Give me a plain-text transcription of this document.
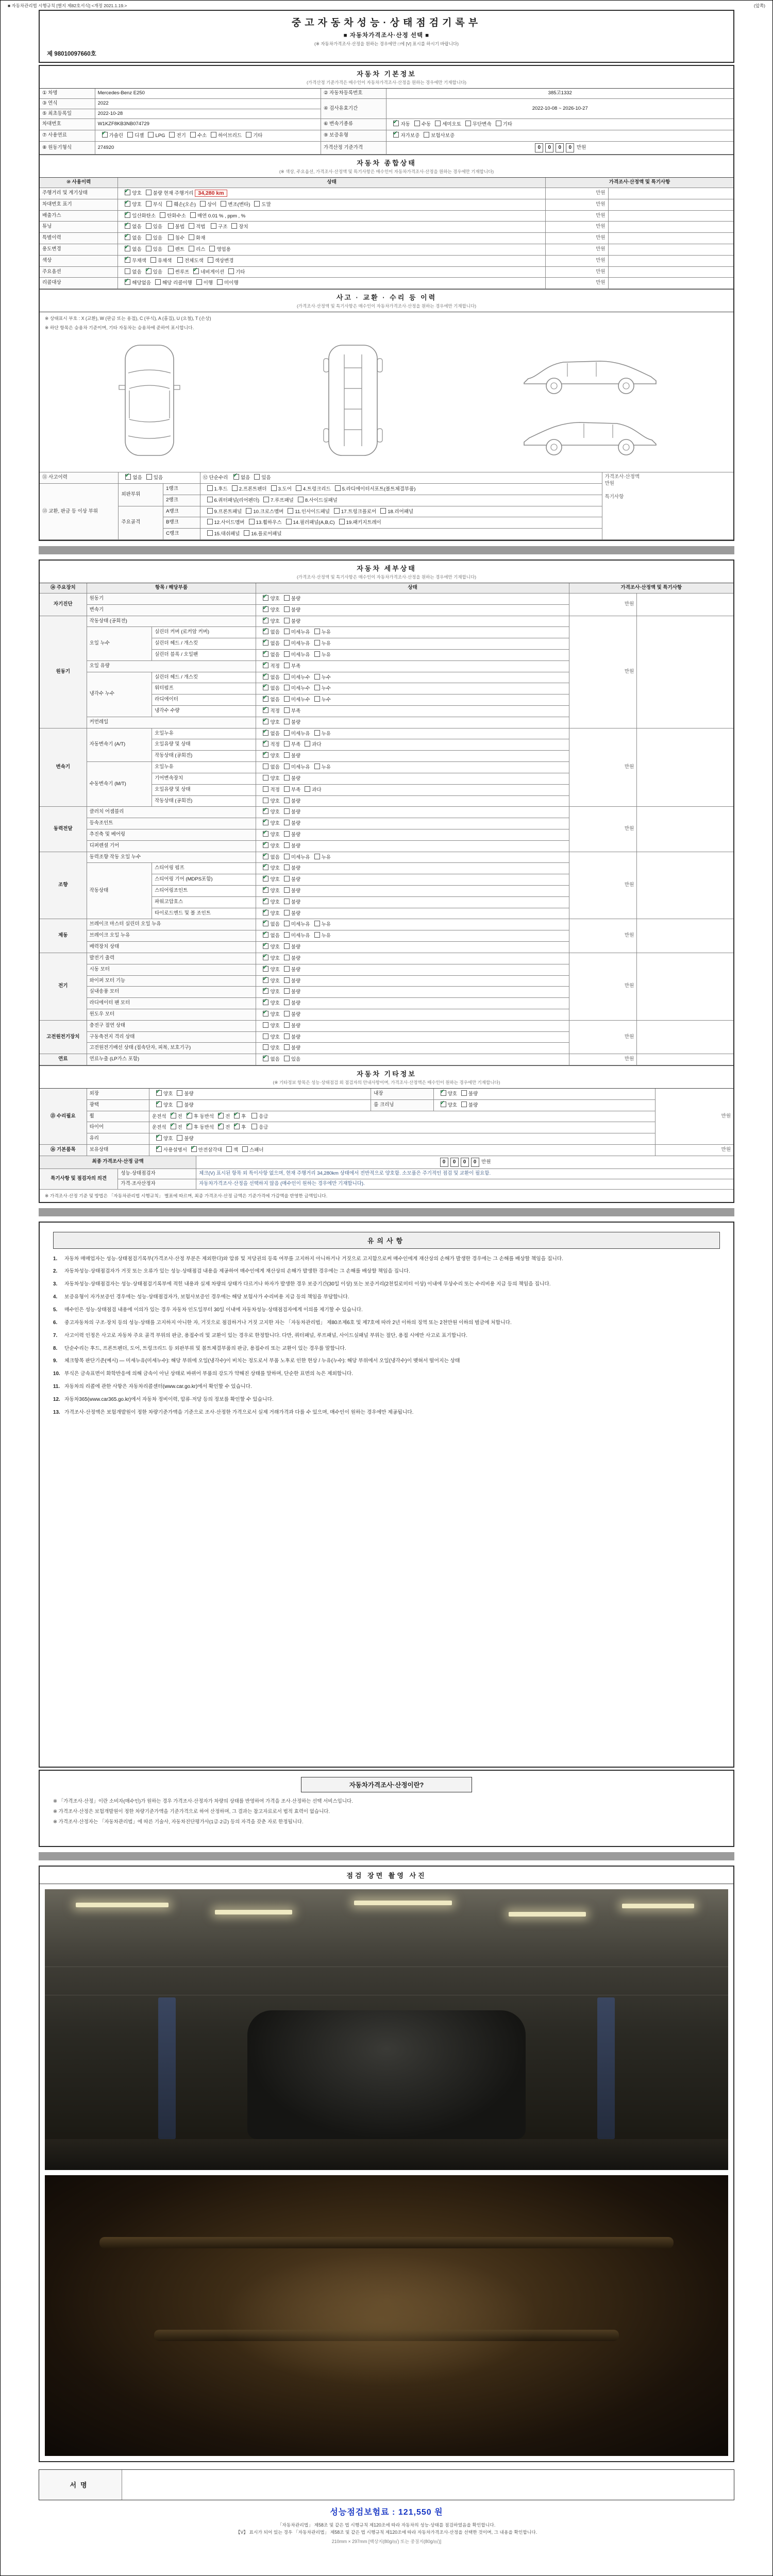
■ 자동차관리법 시행규칙 [별지 제82호서식] <개정 2021.1.19.>	(앞쪽)
중고자동차성능·상태점검기록부
■ 자동차가격조사·산정 선택 ■
(※ 자동차가격조사·산정을 원하는 경우에만 □에 [V] 표시를 하시기 바랍니다)
제 98010097660호
자동차 기본정보
(가격산정 기준가격은 매수인이 자동차가격조사·산정을 원하는 경우에만 기재합니다)
① 차명	Mercedes-Benz E250	② 자동차등록번호	385고1332
③ 연식	2022	④ 검사유효기간	2022-10-08 ~ 2026-10-27
⑤ 최초등록일	2022-10-28		
차대번호	W1KZF8KB3NB074729	⑥ 변속기종류	✔자동 수동 세미오토 무단변속 기타
⑦ 사용연료	✔가솔린 디젤 LPG 전기 수소 하이브리드 기타	⑨ 보증유형	✔자가보증 보험사보증
⑧ 원동기형식	274920	가격산정 기준가격	0 0 0 0 만원
자동차 종합상태
(※ 색상, 주요옵션, 가격조사·산정액 및 특기사항은 매수인이 자동차가격조사·산정을 원하는 경우에만 기재합니다)
⑩ 사용이력	상태	가격조사·산정액 및 특기사항	
주행거리 및 계기상태	✔양호 불량 현재 주행거리 34,280 km	만원	
차대번호 표기	✔양호 부식 훼손(오손) 상이 변조(변타) 도말	만원	
배출가스	✔일산화탄소 탄화수소 매연 0.01 % , ppm , %	만원	
튜닝	✔없음 있음 불법 적법 구조 장치	만원	
특별이력	✔없음 있음 침수 화재	만원	
용도변경	✔없음 있음 렌트 리스 영업용	만원	
색상	✔무채색 유채색 전체도색 색상변경	만원	
주요옵션	없음 ✔ 있음 썬루프 ✔ 네비게이션 기타	만원	
리콜대상	✔해당없음 해당 리콜이행 이행 미이행	만원	
사고 · 교환 · 수리 등 이력
(가격조사·산정액 및 특기사항은 매수인이 자동차가격조사·산정을 원하는 경우에만 기재합니다)
※ 상태표시 부호 : X (교환), W (판금 또는 용접), C (부식), A (흠집), U (요철), T (손상)
※ 하단 항목은 승용차 기준이며, 기타 자동차는 승용차에 준하여 표시합니다.
⑪ 사고이력	✔없음 있음		⑫ 단순수리 ✔없음 있음	가격조사·산정액
만원

특기사항
⑬ 교환, 판금 등 이상 부위	외판부위	1랭크	1.후드 2.프론트펜더 3.도어 4.트렁크리드 5.라디에이터서포트(볼트체결부품)	
		2랭크	6.쿼터패널(리어펜더) 7.루프패널 8.사이드실패널	
	주요골격	A랭크	9.프론트패널 10.크로스멤버 11.인사이드패널 17.트렁크플로어 18.리어패널	
		B랭크	12.사이드멤버 13.휠하우스 14.필러패널(A,B,C) 19.패키지트레이	
		C랭크	15.대쉬패널 16.플로어패널	
자동차 세부상태
(가격조사·산정액 및 특기사항은 매수인이 자동차가격조사·산정을 원하는 경우에만 기재합니다)
⑭ 주요장치	항목 / 해당부품		상태	가격조사·산정액 및 특기사항	
자기진단	원동기	✔양호 불량	만원	
	변속기	✔양호 불량
원동기	작동상태 (공회전)	✔양호 불량	만원	
	오일 누수	실린더 커버 (로커암 커버)	✔없음 미세누유 누유
		실린더 헤드 / 개스킷	✔없음 미세누유 누유
		실린더 블록 / 오일팬	✔없음 미세누유 누유
	오일 유량	✔적정 부족
	냉각수 누수	실린더 헤드 / 개스킷	✔없음 미세누수 누수
		워터펌프	✔없음 미세누수 누수
		라디에이터	✔없음 미세누수 누수
		냉각수 수량	✔적정 부족
	커먼레일	✔양호 불량
변속기	자동변속기 (A/T)	오일누유	✔없음 미세누유 누유	만원	
		오일유량 및 상태	✔적정 부족 과다
		작동상태 (공회전)	✔양호 불량
	수동변속기 (M/T)	오일누유	없음 미세누유 누유		
		기어변속장치	양호 불량		
		오일유량 및 상태	적정 부족 과다		
		작동상태 (공회전)	양호 불량		
동력전달	클러치 어셈블리	✔양호 불량	만원	
	등속조인트	✔양호 불량
	추진축 및 베어링	✔양호 불량
	디퍼렌셜 기어	✔양호 불량
조향	동력조향 작동 오일 누수	✔없음 미세누유 누유	만원	
	작동상태	스티어링 펌프	✔양호 불량
		스티어링 기어 (MDPS포함)	✔양호 불량
		스티어링조인트	✔양호 불량
		파워고압호스	✔양호 불량
		타이로드엔드 및 볼 조인트	✔양호 불량
제동	브레이크 마스터 실린더 오일 누유	✔없음 미세누유 누유	만원	
	브레이크 오일 누유	✔없음 미세누유 누유
	배력장치 상태	✔양호 불량
전기	발전기 출력	✔양호 불량	만원	
	시동 모터	✔양호 불량
	와이퍼 모터 기능	✔양호 불량
	실내송풍 모터	✔양호 불량
	라디에이터 팬 모터	✔양호 불량
	윈도우 모터	✔양호 불량
고전원전기장치	충전구 절연 상태		양호 불량	만원	
	구동축전지 격리 상태		양호 불량		
	고전원전기배선 상태 (접속단자, 피복, 보호기구)		양호 불량		
연료	연료누출 (LP가스 포함)	✔없음 있음	만원	
자동차 기타정보
(※ 기타정보 항목은 성능·상태점검 외 점검자의 안내사항이며, 가격조사·산정액은 매수인이 원하는 경우에만 기재합니다)
⑮ 수리필요	외장	✔양호 불량	내장	✔양호 불량	만원
	광택	✔양호 불량	룸 크리닝	✔양호 불량
	휠	운전석 ✔ 전 ✔ 후 동반석 ✔ 전 ✔ 후 응급
	타이어	운전석 ✔ 전 ✔ 후 동반석 ✔ 전 ✔ 후 응급
	유리	✔양호 불량
⑯ 기본품목	보유상태	✔사용설명서 ✔ 안전삼각대 잭 스패너			만원
최종 가격조사·산정 금액		0 0 0 0 만원
특기사항 및 점검자의 의견	성능·상태점검자	체크(V) 표시된 항목 외 특이사항 없으며, 현재 주행거리 34,280km 상태에서 전반적으로 양호함. 소모품은 주기적인 점검 및 교환이 필요함.
	가격·조사산정자	자동차가격조사·산정을 선택하지 않음 (매수인이 원하는 경우에만 기재합니다).
※ 가격조사·산정 기준 및 방법은 「자동차관리법 시행규칙」 별표에 따르며, 최종 가격조사·산정 금액은 기준가격에 가감액을 반영한 금액입니다.
유의사항
1.	자동차 매매업자는 성능·상태점검기록부(가격조사·산정 부분은 제외한다)와 압류 및 저당권의 등록 여부를 고지하지 아니하거나 거짓으로 고지함으로써 매수인에게 재산상의 손해가 발생한 경우에는 그 손해를 배상할 책임을 집니다.
2.	자동차성능·상태점검자가 거짓 또는 오류가 있는 성능·상태점검 내용을 제공하여 매수인에게 재산상의 손해가 발생한 경우에는 그 손해를 배상할 책임을 집니다.
3.	자동차성능·상태점검자는 성능·상태점검기록부에 적힌 내용과 실제 차량의 상태가 다르거나 하자가 발생한 경우 보증기간(30일 이상) 또는 보증거리(2천킬로미터 이상) 이내에 무상수리 또는 수리비용 지급 등의 책임을 집니다.
4.	보증유형이 자가보증인 경우에는 성능·상태점검자가, 보험사보증인 경우에는 해당 보험사가 수리비용 지급 등의 책임을 부담합니다.
5.	매수인은 성능·상태점검 내용에 이의가 있는 경우 자동차 인도일부터 30일 이내에 자동차성능·상태점검자에게 이의를 제기할 수 있습니다.
6.	중고자동차의 구조·장치 등의 성능·상태를 고지하지 아니한 자, 거짓으로 점검하거나 거짓 고지한 자는 「자동차관리법」 제80조제6호 및 제7호에 따라 2년 이하의 징역 또는 2천만원 이하의 벌금에 처합니다.
7.	사고이력 인정은 사고로 자동차 주요 골격 부위의 판금, 용접수리 및 교환이 있는 경우로 한정합니다. 다만, 쿼터패널, 루프패널, 사이드실패널 부위는 절단, 용접 시에만 사고로 표기합니다.
8.	단순수리는 후드, 프론트펜더, 도어, 트렁크리드 등 외판부위 및 볼트체결부품의 판금, 용접수리 또는 교환이 있는 경우를 말합니다.
9.	체크항목 판단기준(예시) — 미세누유(미세누수): 해당 부위에 오일(냉각수)이 비치는 정도로서 부품 노후로 인한 현상 / 누유(누수): 해당 부위에서 오일(냉각수)이 맺혀서 떨어지는 상태
10. 부식은 금속표면이 화학반응에 의해 금속이 아닌 상태로 바뀌어 부품의 강도가 약해진 상태를 말하며, 단순한 표면의 녹은 제외합니다.
11. 자동차의 리콜에 관한 사항은 자동차리콜센터(www.car.go.kr)에서 확인할 수 있습니다.
12. 자동차365(www.car365.go.kr)에서 자동차 정비이력, 압류·저당 등의 정보를 확인할 수 있습니다.
13. 가격조사·산정액은 보험개발원이 정한 차량기준가액을 기준으로 조사·산정한 가격으로서 실제 거래가격과 다를 수 있으며, 매수인이 원하는 경우에만 제공됩니다.
자동차가격조사·산정이란?
※ 「가격조사·산정」이란 소비자(매수인)가 원하는 경우 가격조사·산정자가 차량의 상태를 반영하여 가격을 조사·산정하는 선택 서비스입니다.
※ 가격조사·산정은 보험개발원이 정한 차량기준가액을 기준가격으로 하여 산정하며, 그 결과는 참고자료로서 법적 효력이 없습니다.
※ 가격조사·산정자는 「자동차관리법」에 따른 기술사, 자동차진단평가사(1급·2급) 등의 자격을 갖춘 자로 한정됩니다.
점검 장면 촬영 사진
서명
성능점검보험료 : 121,550 원
「자동차관리법」 제58조 및 같은 법 시행규칙 제120조에 따라 자동차의 성능·상태를 점검하였음을 확인합니다.
【V】 표시가 되어 있는 경우 「자동차관리법」 제58조 및 같은 법 시행규칙 제120조에 따라 자동차가격조사·산정을 선택한 것이며, 그 내용을 확인합니다.
210mm × 297mm [백상지(80g/㎡) 또는 중질지(80g/㎡)]
